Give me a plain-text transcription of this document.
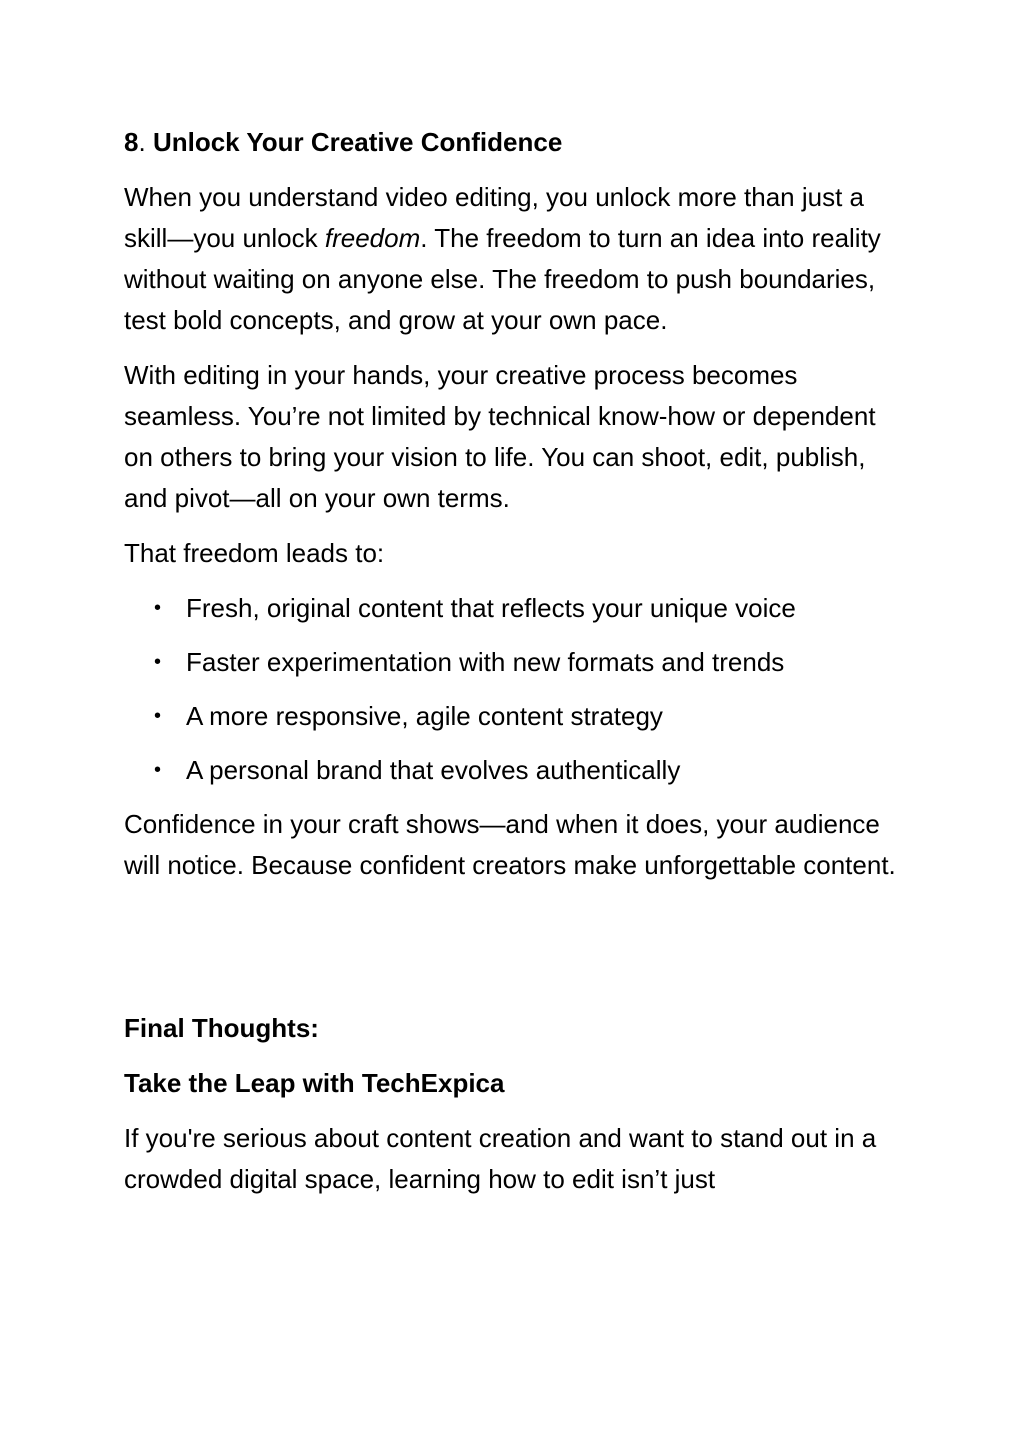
8. Unlock Your Creative Confidence

When you understand video editing, you unlock more than just a skill—you unlock freedom. The freedom to turn an idea into reality without waiting on anyone else. The freedom to push boundaries, test bold concepts, and grow at your own pace.

With editing in your hands, your creative process becomes seamless. You’re not limited by technical know-how or dependent on others to bring your vision to life. You can shoot, edit, publish, and pivot—all on your own terms.

That freedom leads to:

• Fresh, original content that reflects your unique voice
• Faster experimentation with new formats and trends
• A more responsive, agile content strategy
• A personal brand that evolves authentically

Confidence in your craft shows—and when it does, your audience will notice. Because confident creators make unforgettable content.

Final Thoughts:
Take the Leap with TechExpica

If you're serious about content creation and want to stand out in a crowded digital space, learning how to edit isn’t just
